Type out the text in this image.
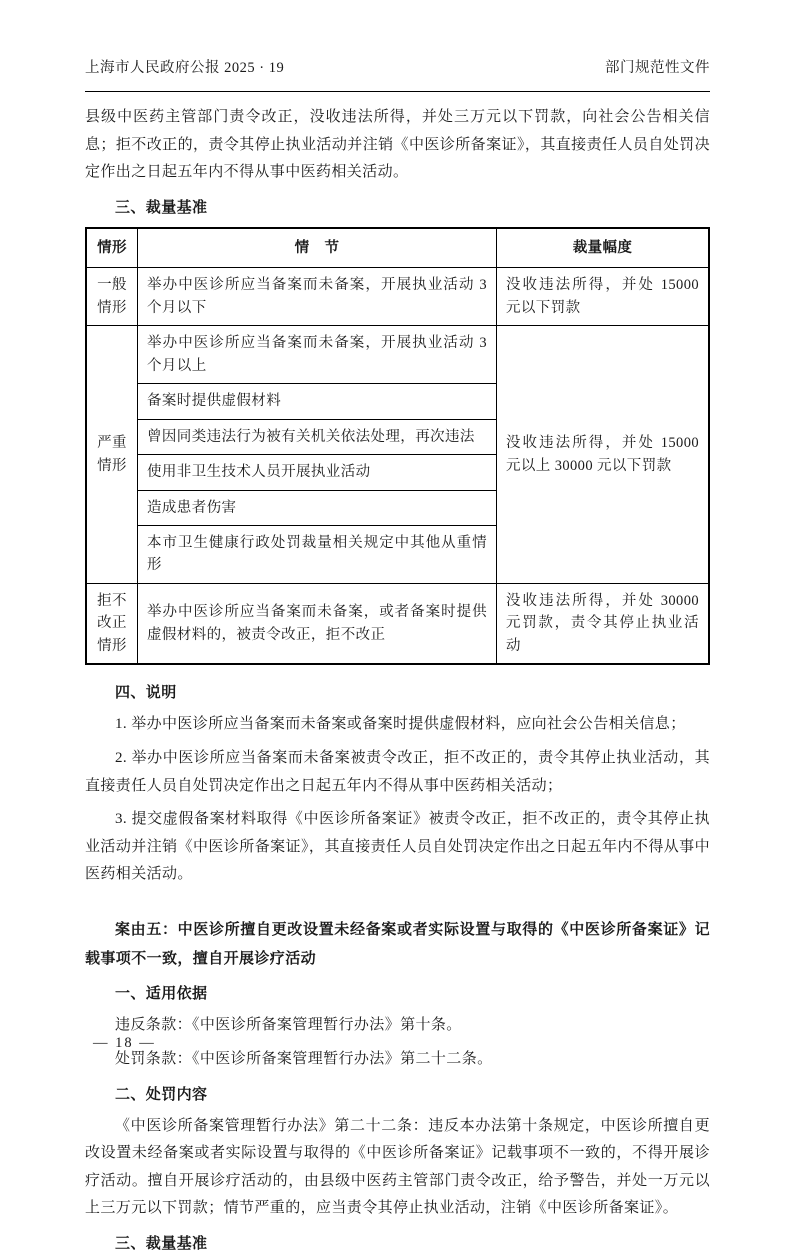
上海市人民政府公报 2025 · 19	部门规范性文件

县级中医药主管部门责令改正，没收违法所得，并处三万元以下罚款，向社会公告相关信息；拒不改正的，责令其停止执业活动并注销《中医诊所备案证》，其直接责任人员自处罚决定作出之日起五年内不得从事中医药相关活动。

三、裁量基准
情形	情　节	裁量幅度
一般情形	举办中医诊所应当备案而未备案，开展执业活动 3 个月以下	没收违法所得，并处 15000 元以下罚款
严重情形	举办中医诊所应当备案而未备案，开展执业活动 3 个月以上	没收违法所得，并处 15000 元以上 30000 元以下罚款
	备案时提供虚假材料	
	曾因同类违法行为被有关机关依法处理，再次违法	
	使用非卫生技术人员开展执业活动	
	造成患者伤害	
	本市卫生健康行政处罚裁量相关规定中其他从重情形	
拒不改正情形	举办中医诊所应当备案而未备案，或者备案时提供虚假材料的，被责令改正，拒不改正	没收违法所得，并处 30000 元罚款，责令其停止执业活动
四、说明

1. 举办中医诊所应当备案而未备案或备案时提供虚假材料，应向社会公告相关信息；

2. 举办中医诊所应当备案而未备案被责令改正，拒不改正的，责令其停止执业活动，其直接责任人员自处罚决定作出之日起五年内不得从事中医药相关活动；

3. 提交虚假备案材料取得《中医诊所备案证》被责令改正，拒不改正的，责令其停止执业活动并注销《中医诊所备案证》，其直接责任人员自处罚决定作出之日起五年内不得从事中医药相关活动。

案由五：中医诊所擅自更改设置未经备案或者实际设置与取得的《中医诊所备案证》记载事项不一致，擅自开展诊疗活动

一、适用依据

违反条款：《中医诊所备案管理暂行办法》第十条。

处罚条款：《中医诊所备案管理暂行办法》第二十二条。

二、处罚内容

《中医诊所备案管理暂行办法》第二十二条：违反本办法第十条规定，中医诊所擅自更改设置未经备案或者实际设置与取得的《中医诊所备案证》记载事项不一致的，不得开展诊疗活动。擅自开展诊疗活动的，由县级中医药主管部门责令改正，给予警告，并处一万元以上三万元以下罚款；情节严重的，应当责令其停止执业活动，注销《中医诊所备案证》。

三、裁量基准
— 18 —
